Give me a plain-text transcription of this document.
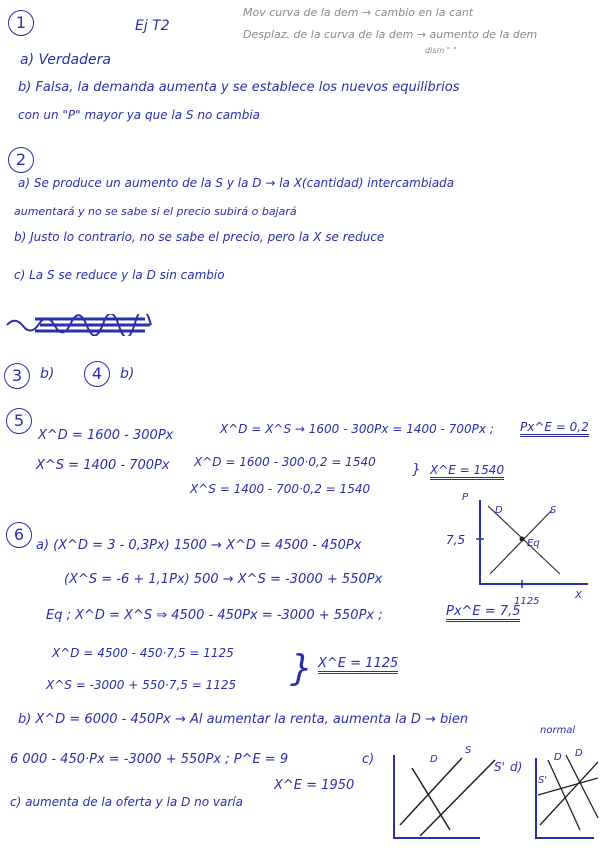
1	Ej T2
Mov curva de la dem → cambio en la cant
Desplaz. de la curva de la dem → aumento de la dem
dism " "
a) Verdadera
b) Falsa, la demanda aumenta y se establece los nuevos equilibrios
con un "P" mayor ya que la S no cambia
2
a) Se produce un aumento de la S y la D → la X(cantidad) intercambiada
aumentará y no se sabe si el precio subirá o bajará
b) Justo lo contrario, no se sabe el precio, pero la X se reduce
c) La S se reduce y la D sin cambio
3	b)	4	b)
5
X^D = 1600 - 300Px
X^S = 1400 - 700Px
X^D = X^S → 1600 - 300Px = 1400 - 700Px ; Px^E = 0,2
X^D = 1600 - 300·0,2 = 1540
X^S = 1400 - 700·0,2 = 1540
} X^E = 1540
6
a) (X^D = 3 - 0,3Px) 1500 → X^D = 4500 - 450Px
(X^S = -6 + 1,1Px) 500 → X^S = -3000 + 550Px
Eq ; X^D = X^S ⇒ 4500 - 450Px = -3000 + 550Px ;	Px^E = 7,5
X^D = 4500 - 450·7,5 = 1125
X^S = -3000 + 550·7,5 = 1125 } X^E = 1125
P
X
D	S
Eq
7,5
1125
b) X^D = 6000 - 450Px → Al aumentar la renta, aumenta la D → bien
normal
6 000 - 450·Px = -3000 + 550Px ; P^E = 9
X^E = 1950
c) aumenta de la oferta y la D no varía
c)	D
S
S' d)
D D
S'
